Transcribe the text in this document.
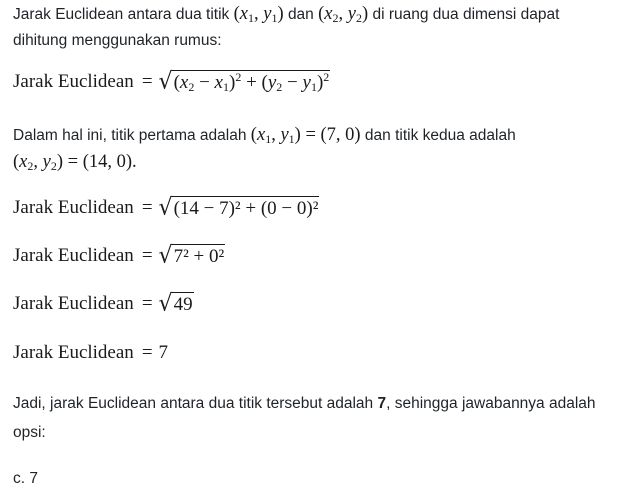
Jarak Euclidean antara dua titik ($x_1$, $y_1$) dan ($x_2$, $y_2$) di ruang dua dimensi dapat
dihitung menggunakan rumus:
Jarak Euclidean = √ $(x_2 - x_1)^2 + (y_2 - y_1)^2$
Dalam hal ini, titik pertama adalah ($x_1$, $y_1) = (7$, 0) dan titik kedua adalah
($x_2$, $y_2) = (14$, 0).
Jarak Euclidean = √ (14 − 7)² + (0 − 0)²
Jarak Euclidean = √ 7² + 0²
Jarak Euclidean = √ 49
Jarak Euclidean = 7
Jadi, jarak Euclidean antara dua titik tersebut adalah 7, sehingga jawabannya adalah
opsi:
c. 7
